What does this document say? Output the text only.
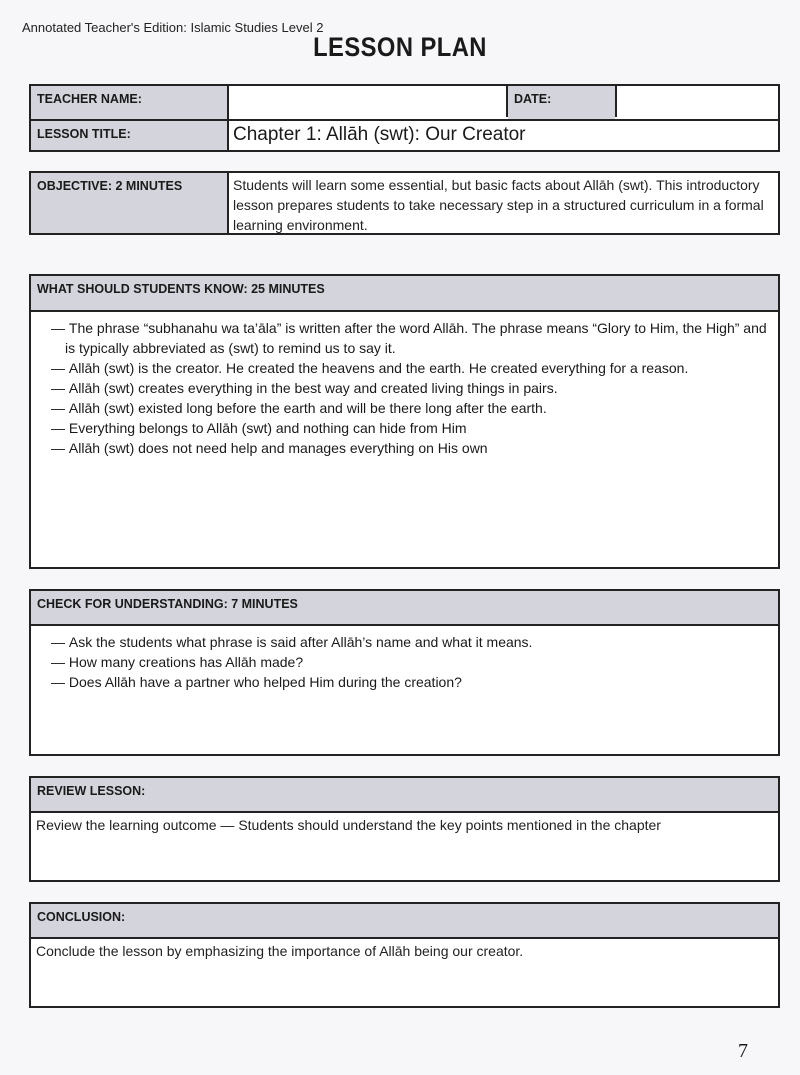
Annotated Teacher's Edition: Islamic Studies Level 2
LESSON PLAN
TEACHER NAME:	DATE:
LESSON TITLE:	Chapter 1: Allāh (swt): Our Creator
OBJECTIVE: 2 MINUTES	Students will learn some essential, but basic facts about Allāh (swt). This introductory lesson prepares students to take necessary step in a structured curriculum in a formal learning environment.
WHAT SHOULD STUDENTS KNOW: 25 MINUTES
— The phrase “subhanahu wa ta’āla” is written after the word Allāh. The phrase means “Glory to Him, the High” and is typically abbreviated as (swt) to remind us to say it.
— Allāh (swt) is the creator. He created the heavens and the earth. He created everything for a reason.
— Allāh (swt) creates everything in the best way and created living things in pairs.
— Allāh (swt) existed long before the earth and will be there long after the earth.
— Everything belongs to Allāh (swt) and nothing can hide from Him
— Allāh (swt) does not need help and manages everything on His own
CHECK FOR UNDERSTANDING: 7 MINUTES
— Ask the students what phrase is said after Allāh’s name and what it means.
— How many creations has Allāh made?
— Does Allāh have a partner who helped Him during the creation?
REVIEW LESSON:
Review the learning outcome — Students should understand the key points mentioned in the chapter
CONCLUSION:
Conclude the lesson by emphasizing the importance of Allāh being our creator.
7
